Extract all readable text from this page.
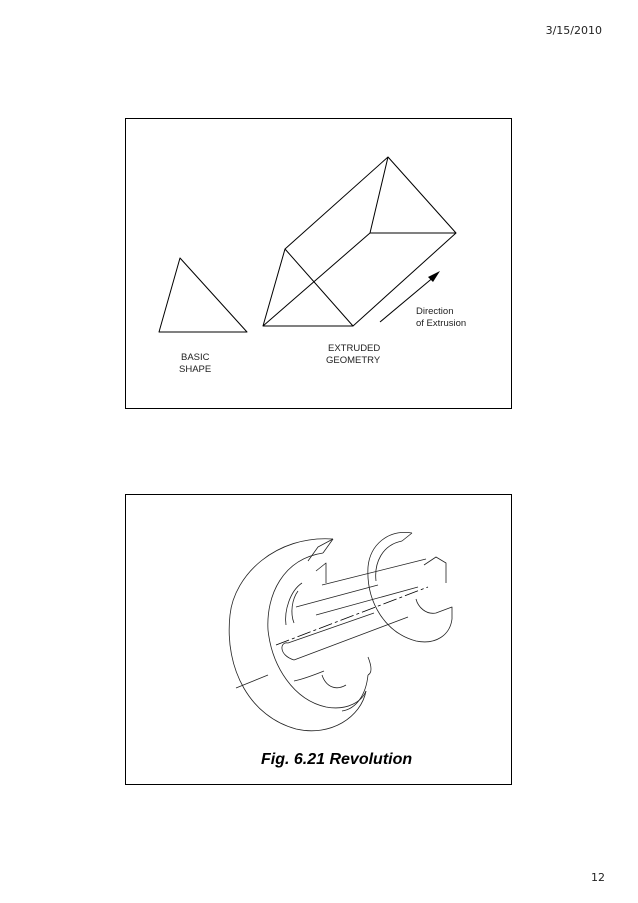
3/15/2010
BASIC
SHAPE
EXTRUDED
GEOMETRY
Direction
of Extrusion
Fig. 6.21 Revolution
12
